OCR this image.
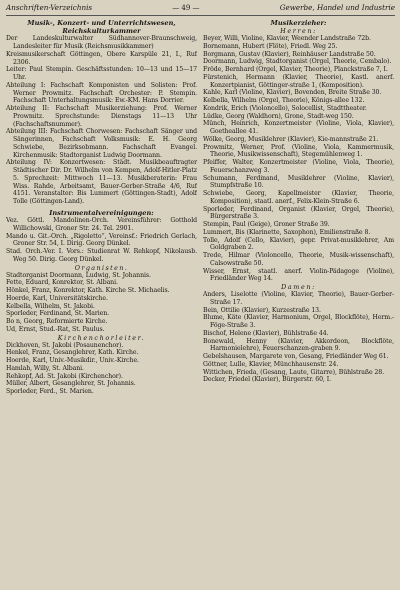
Anschriften-Verzeichnis	— 49 —	Gewerbe, Handel und Industrie

Musik-, Konzert- und Unterrichtswesen,

Reichskulturkammer

Der Landeskulturwalter Südhannover-Braunschweig, Landesleiter für Musik (Reichsmusikkammer)

Kreismusikerschaft Göttingen, Obere Karspüle 21, I., Ruf 2306.

Leiter: Paul Stempin. Geschäftsstunden: 10—13 und 15—17 Uhr.

Abteilung I: Fachschaft Komponisten und Solisten: Prof. Werner Prowmitz. Fachschaft Orchester: P. Stempin. Fachschaft Unterhaltungsmusik: Ew.-KM. Hans Dorrier.

Abteilung II: Fachschaft Musikerziehung: Prof. Werner Prowmitz. Sprechstunde: Dienstags 11—13 Uhr (Fachschaftsnummer).

Abteilung III: Fachschaft Chorwesen: Fachschaft Sänger und Sängerinnen, Fachschaft Volksmusik: E. H. Georg Schwiebe, Bezirksobmann. Fachschaft Evangel. Kirchenmusik: Stadtorganist Ludwig Doormann.

Abteilung IV: Konzertwesen: Städt. Musikbeauftragter Städtischer Dir. Dr. Wilhelm von Kempen, Adolf-Hitler-Platz 5. Sprechzeit: Mittwoch 11—13. Musikberaterin: Frau Wiss. Rahde, Arbeitsamt, Bauer-Gerber-Straße 4/6, Ruf 4151. Veranstalter: Bis Lummert (Göttingen-Stadt), Adolf Tolle (Göttingen-Land).

Instrumentalvereinigungen:

Vez. Göttl. Mandolinen-Orch. Vereinsführer: Gotthold Willichowski, Groner Str. 24. Tel. 2901.

Mando u. Git.-Orch. „Rigoletto“, Vereinsf.: Friedrich Gerlach, Groner Str. 54, I. Dirig. Georg Dünkel.

Stad. Orch.-Ver. I. Vors.: Studienrat W. Rehkopf, Nikolausb. Weg 50. Dirig. Georg Dünkel.

Organisten.

Stadtorganist Doormann, Ludwig, St. Johannis.

Fette, Eduard, Konrektor, St. Albani.

Hönkel, Franz, Konrektor, Kath. Kirche St. Michaelis.

Hoerde, Karl, Universitätskirche.

Kelbella, Wilhelm, St. Jakobi.

Sporleder, Ferdinand, St. Marien.

Bo n, Georg, Reformierte Kirche.

Ud, Ernst, Stud.-Rat, St. Paulus.

Kirchenchorleiter.

Dickhoven, St. Jakobi (Posaunenchor).

Henkel, Franz, Gesanglehrer, Kath. Kirche.

Hoerde, Karl, Univ.-Musikdir., Univ.-Kirche.

Hamlah, Willy, St. Albani.

Rehkopf, Ad. St. Jakobi (Kirchenchor).

Müller, Albert, Gesanglehrer, St. Johannis.

Sporleder, Ferd., St. Marien.

Musikerzieher:

Herren:

Beyer, Willi, Violine, Klavier, Weender Landstraße 72b.

Bornemann, Hubert (Flöte), Friedl. Weg 25.

Borgmann, Gustav (Klavier), Reinhäuser Landstraße 50.

Doormann, Ludwig, Stadtorganist (Orgel, Theorie, Cembalo).

Fröde, Bernhard (Orgel, Klavier, Theorie), Planckstraße 7, I.

Fürstenich, Hermann (Klavier, Theorie), Kastl. anerf. Konzertpianist, Göttinger-straße 1, (Komposition).

Kahle, Karl (Violine, Klavier), Bovenden, Breite Straße 30.

Kelbella, Wilhelm (Orgel, Theorie), Königs-allee 132.

Kondrik, Erich (Violoncello), Solocellist, Stadttheater.

Lüdke, Georg (Waldhorn), Grone, Stadt-weg 150.

Münch, Heinrich, Konzertmeister (Violine, Viola, Klavier), Goetheallee 41.

Wölke, Georg, Musiklehrer (Klavier), Kie-mannstraße 21.

Prowmitz, Werner, Prof. (Violine, Viola, Kammermusik, Theorie, Musikwissenschaft), Stegemühlenweg 1.

Pfeiffer, Walter, Konzertmeister (Violine, Viola, Theorie), Feuerschanzweg 3.

Schumann, Ferdinand, Musiklehrer (Violine, Klavier), Stumpfstraße 10.

Schwiebe, Georg, Kapellmeister (Klavier, Theorie, Komposition), staatl. anerf., Felix-Klein-Straße 6.

Sporleder, Ferdinand, Organist (Klavier, Orgel, Theorie), Bürgerstraße 3.

Stempin, Paul (Geige), Groner Straße 39.

Lummert, Bis (Klarinette, Saxophon), Emilienstraße 8.

Tolle, Adolf (Cello, Klavier), gepr. Privat-musiklehrer, Am Goldgraben 2.

Trede, Hilmar (Violoncello, Theorie, Musik-wissenschaft), Calsowstraße 50.

Wisser, Ernst, staatl. anerf. Violin-Pädagoge (Violine), Friedländer Weg 14.

Damen:

Anders, Liselotte (Violine, Klavier, Theorie), Bauer-Gerber-Straße 17.

Bein, Ottilie (Klavier), Kurzestraße 13.

Blume, Käte (Klavier, Harmonium, Orgel, Blockflöte), Herm.-Föge-Straße 3.

Bischof, Helene (Klavier), Bühlstraße 44.

Bonewald, Henny (Klavier, Akkordeon, Blockflöte, Harmonielehre), Feuerschanzen-graben 9.

Gebelshausen, Margarete von, Gesang, Friedländer Weg 61.

Göttner, Lulle, Klavier, Münchhausenstr. 24.

Wittichen, Frieda, (Gesang, Laute, Gitarre), Bühlstraße 28.

Decker, Friedel (Klavier), Bürgerstr. 60, I.
